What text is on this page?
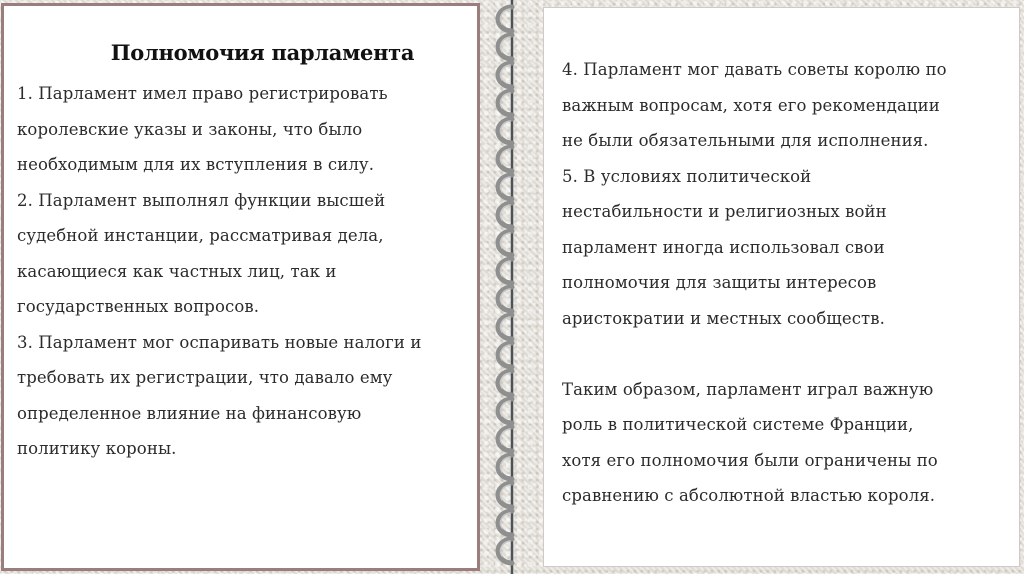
Полномочия парламента
1. Парламент имел право регистрировать
королевские указы и законы, что было
необходимым для их вступления в силу.
2. Парламент выполнял функции высшей
судебной инстанции, рассматривая дела,
касающиеся как частных лиц, так и
государственных вопросов.
3. Парламент мог оспаривать новые налоги и
требовать их регистрации, что давало ему
определенное влияние на финансовую
политику короны.
4. Парламент мог давать советы королю по
важным вопросам, хотя его рекомендации
не были обязательными для исполнения.
5. В условиях политической
нестабильности и религиозных войн
парламент иногда использовал свои
полномочия для защиты интересов
аристократии и местных сообществ.
Таким образом, парламент играл важную
роль в политической системе Франции,
хотя его полномочия были ограничены по
сравнению с абсолютной властью короля.
